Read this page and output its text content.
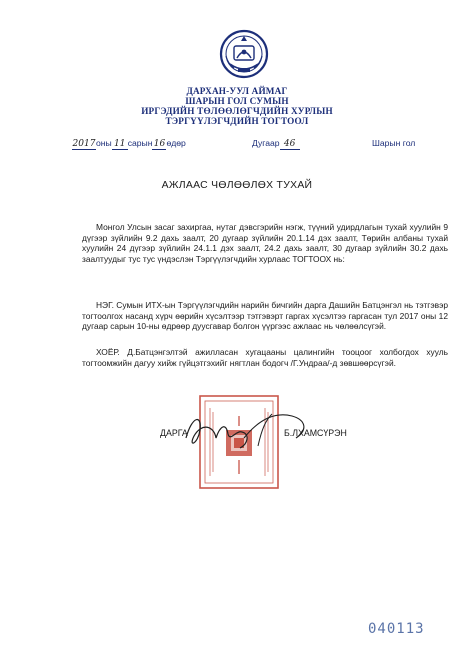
ДАРХАН-УУЛ АЙМАГ
ШАРЫН ГОЛ СУМЫН
ИРГЭДИЙН ТӨЛӨӨЛӨГЧДИЙН ХУРЛЫН
ТЭРГҮҮЛЭГЧДИЙН ТОГТООЛ
2017оны 11 сарын16өдөр	Дугаар 46	Шарын гол
АЖЛААС ЧӨЛӨӨЛӨХ ТУХАЙ
Монгол Улсын засаг захиргаа, нутаг дэвсгэрийн нэгж, түүний удирдлагын тухай хуулийн 9 дүгээр зүйлийн 9.2 дахь заалт, 20 дугаар зүйлийн 20.1.14 дэх заалт, Төрийн албаны тухай хуулийн 24 дүгээр зүйлийн 24.1.1 дэх заалт, 24.2 дахь заалт, 30 дугаар зүйлийн 30.2 дахь заалтуудыг тус тус үндэслэн Тэргүүлэгчдийн хурлаас ТОГТООХ нь:
НЭГ. Сумын ИТХ-ын Тэргүүлэгчдийн нарийн бичгийн дарга Дашийн Батцэнгэл нь тэтгэвэр тогтоолгох насанд хүрч өөрийн хүсэлтээр тэтгэвэрт гаргах хүсэлтээ гаргасан тул 2017 оны 12 дугаар сарын 10-ны өдрөөр дуусгавар болгон үүргээс ажлаас нь чөлөөлсүгэй.
ХОЁР. Д.Батцэнгэлтэй ажилласан хугацааны цалингийн тооцоог холбогдох хууль тогтоомжийн дагуу хийж гүйцэтгэхийг нягтлан бодогч /Г.Ундраа/-д зөвшөөрсүгэй.
ДАРГА	Б.ЛХАМСҮРЭН
040113
